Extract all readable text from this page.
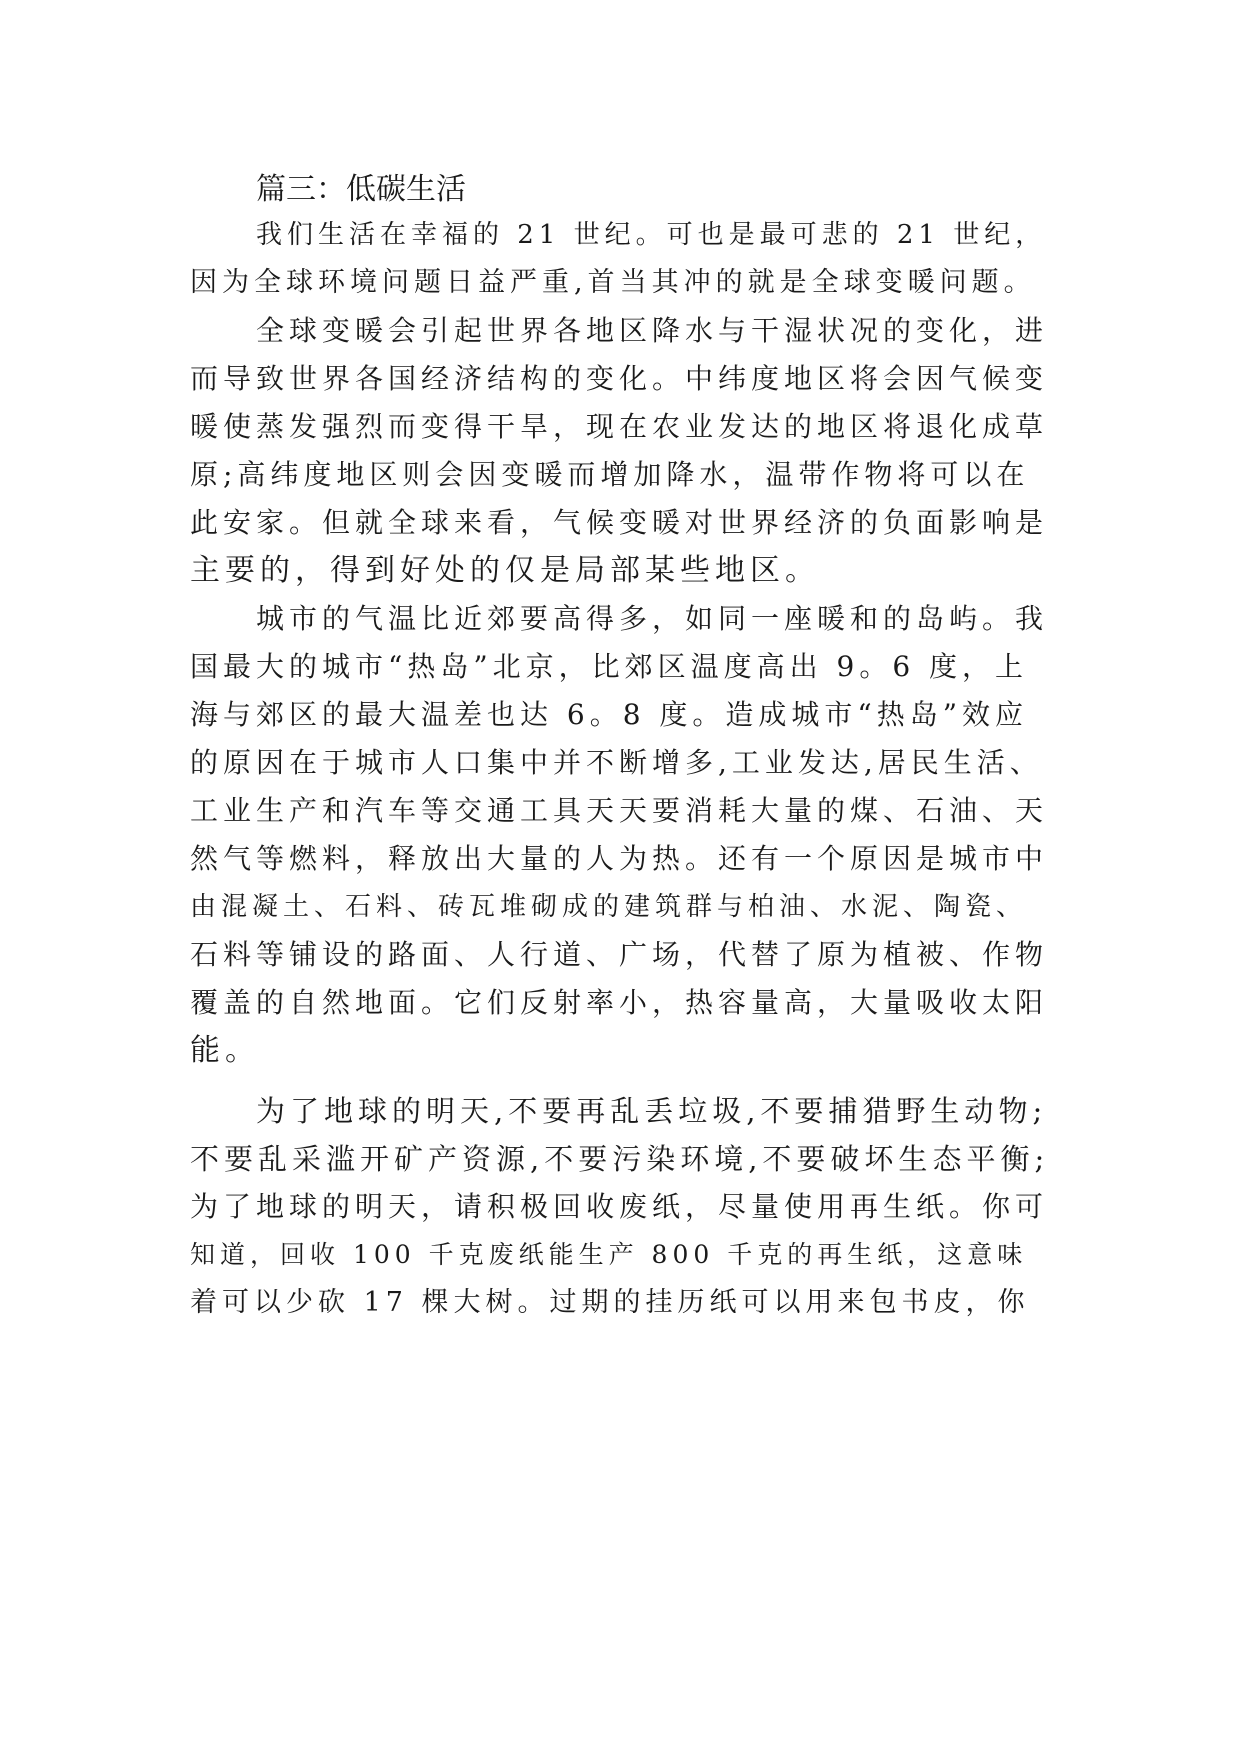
篇三：低碳生活
我们生活在幸福的 21 世纪。可也是最可悲的 21 世纪，
因为全球环境问题日益严重,首当其冲的就是全球变暖问题。
全球变暖会引起世界各地区降水与干湿状况的变化，进
而导致世界各国经济结构的变化。中纬度地区将会因气候变
暖使蒸发强烈而变得干旱，现在农业发达的地区将退化成草
原;高纬度地区则会因变暖而增加降水，温带作物将可以在
此安家。但就全球来看，气候变暖对世界经济的负面影响是
主要的，得到好处的仅是局部某些地区。
城市的气温比近郊要高得多，如同一座暖和的岛屿。我
国最大的城市“热岛”北京，比郊区温度高出 9。6 度，上
海与郊区的最大温差也达 6。8 度。造成城市“热岛”效应
的原因在于城市人口集中并不断增多,工业发达,居民生活、
工业生产和汽车等交通工具天天要消耗大量的煤、石油、天
然气等燃料，释放出大量的人为热。还有一个原因是城市中
由混凝土、石料、砖瓦堆砌成的建筑群与柏油、水泥、陶瓷、
石料等铺设的路面、人行道、广场，代替了原为植被、作物
覆盖的自然地面。它们反射率小，热容量高，大量吸收太阳
能。
为了地球的明天,不要再乱丢垃圾,不要捕猎野生动物;
不要乱采滥开矿产资源,不要污染环境,不要破坏生态平衡;
为了地球的明天，请积极回收废纸，尽量使用再生纸。你可
知道，回收 100 千克废纸能生产 800 千克的再生纸，这意味
着可以少砍 17 棵大树。过期的挂历纸可以用来包书皮，你
